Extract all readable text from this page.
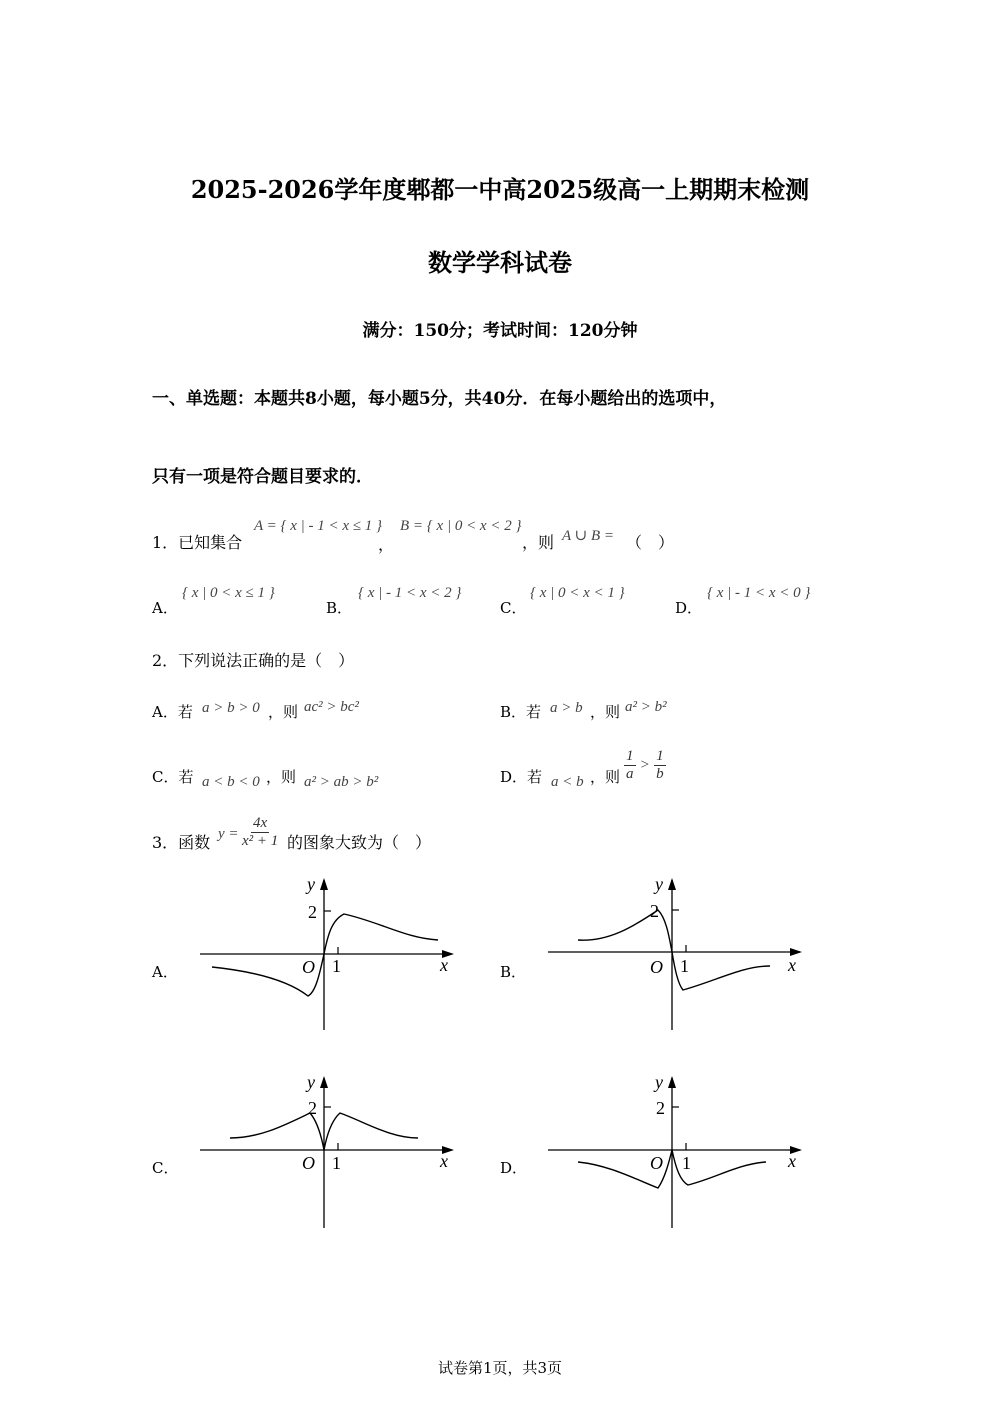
2025-2026学年度郫都一中高2025级高一上期期末检测
数学学科试卷
满分：150分；考试时间：120分钟
一、单选题：本题共8小题，每小题5分，共40分．在每小题给出的选项中，
只有一项是符合题目要求的．
1．已知集合
A = { x | - 1 < x ≤ 1 }
，
B = { x | 0 < x < 2 }
，则 A ∪ B = （　）
A．
{ x | 0 < x ≤ 1 }
B．
{ x | - 1 < x < 2 }
C．
{ x | 0 < x < 1 }
D．
{ x | - 1 < x < 0 }
2．下列说法正确的是（　）
A．若 a > b > 0 ，则 ac² > bc²	B．若 a > b ，则 a² > b²
C．若 a < b < 0 ，则 a² > ab > b²	D．若 a < b ，则 $\frac{1}{a} > \frac{1}{b}$
3．函数 $y = \frac{4x}{\text{x² + 1}}$ 的图象大致为（　）
A．	B．
C．	D．
y
2
1
O	x
y
2
1
O	x
y
2
1
O	x
y
2
1
O	x
试卷第1页，共3页
